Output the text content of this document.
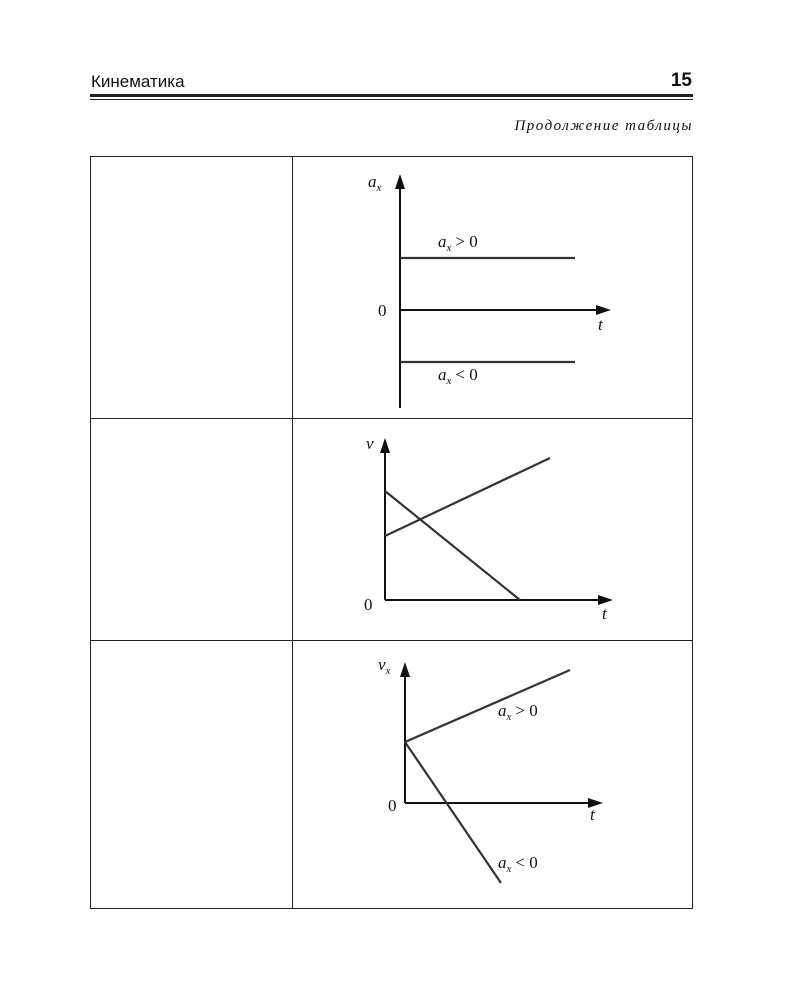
Кинематика	15
Продолжение таблицы
$a_x$
t
0
$a_x > 0$
$a_x < 0$
v
t
0
$v_x$
t
0
$a_x > 0$
$a_x < 0$
